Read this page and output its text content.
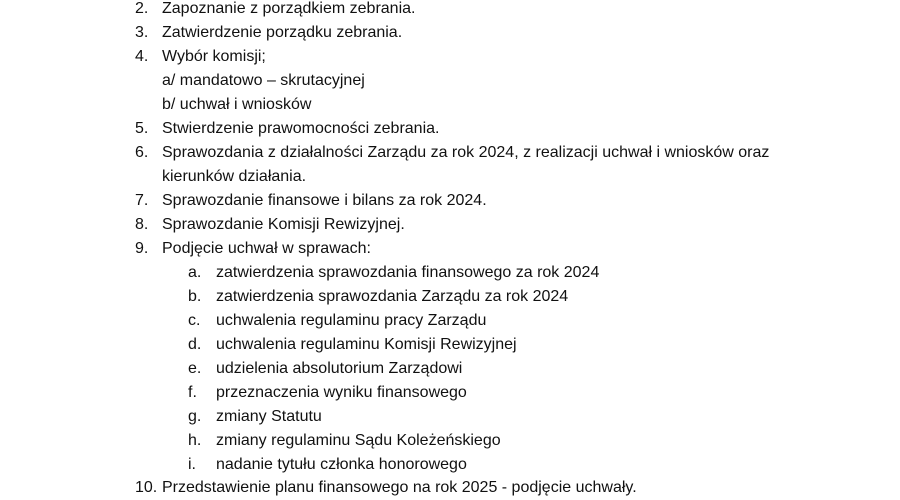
2. Zapoznanie z porządkiem zebrania.
3. Zatwierdzenie porządku zebrania.
4. Wybór komisji;
a/ mandatowo – skrutacyjnej
b/ uchwał i wniosków
5. Stwierdzenie prawomocności zebrania.
6. Sprawozdania z działalności Zarządu za rok 2024, z realizacji uchwał i wniosków oraz
kierunków działania.
7. Sprawozdanie finansowe i bilans za rok 2024.
8. Sprawozdanie Komisji Rewizyjnej.
9. Podjęcie uchwał w sprawach:
a. zatwierdzenia sprawozdania finansowego za rok 2024
b. zatwierdzenia sprawozdania Zarządu za rok 2024
c. uchwalenia regulaminu pracy Zarządu
d. uchwalenia regulaminu Komisji Rewizyjnej
e. udzielenia absolutorium Zarządowi
f. przeznaczenia wyniku finansowego
g. zmiany Statutu
h. zmiany regulaminu Sądu Koleżeńskiego
i. nadanie tytułu członka honorowego
10. Przedstawienie planu finansowego na rok 2025 - podjęcie uchwały.
